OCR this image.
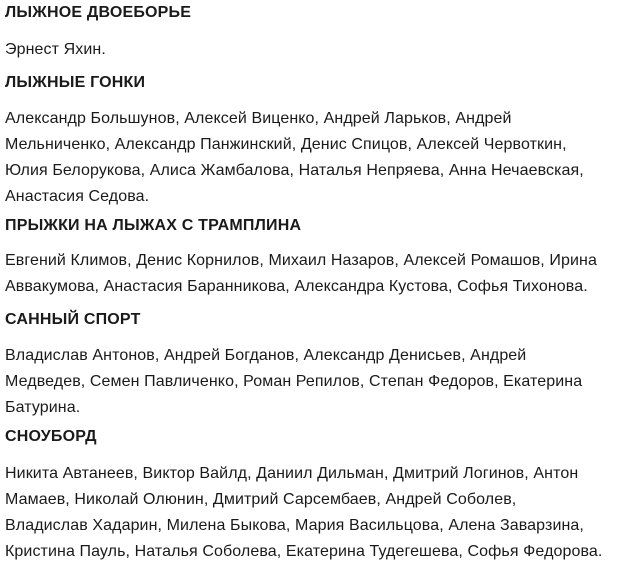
ЛЫЖНОЕ ДВОЕБОРЬЕ

Эрнест Яхин.

ЛЫЖНЫЕ ГОНКИ

Александр Большунов, Алексей Виценко, Андрей Ларьков, Андрей
Мельниченко, Александр Панжинский, Денис Спицов, Алексей Червоткин,
Юлия Белорукова, Алиса Жамбалова, Наталья Непряева, Анна Нечаевская,
Анастасия Седова.

ПРЫЖКИ НА ЛЫЖАХ С ТРАМПЛИНА

Евгений Климов, Денис Корнилов, Михаил Назаров, Алексей Ромашов, Ирина
Аввакумова, Анастасия Баранникова, Александра Кустова, Софья Тихонова.

САННЫЙ СПОРТ

Владислав Антонов, Андрей Богданов, Александр Денисьев, Андрей
Медведев, Семен Павличенко, Роман Репилов, Степан Федоров, Екатерина
Батурина.

СНОУБОРД

Никита Автанеев, Виктор Вайлд, Даниил Дильман, Дмитрий Логинов, Антон
Мамаев, Николай Олюнин, Дмитрий Сарсембаев, Андрей Соболев,
Владислав Хадарин, Милена Быкова, Мария Васильцова, Алена Заварзина,
Кристина Пауль, Наталья Соболева, Екатерина Тудегешева, Софья Федорова.
